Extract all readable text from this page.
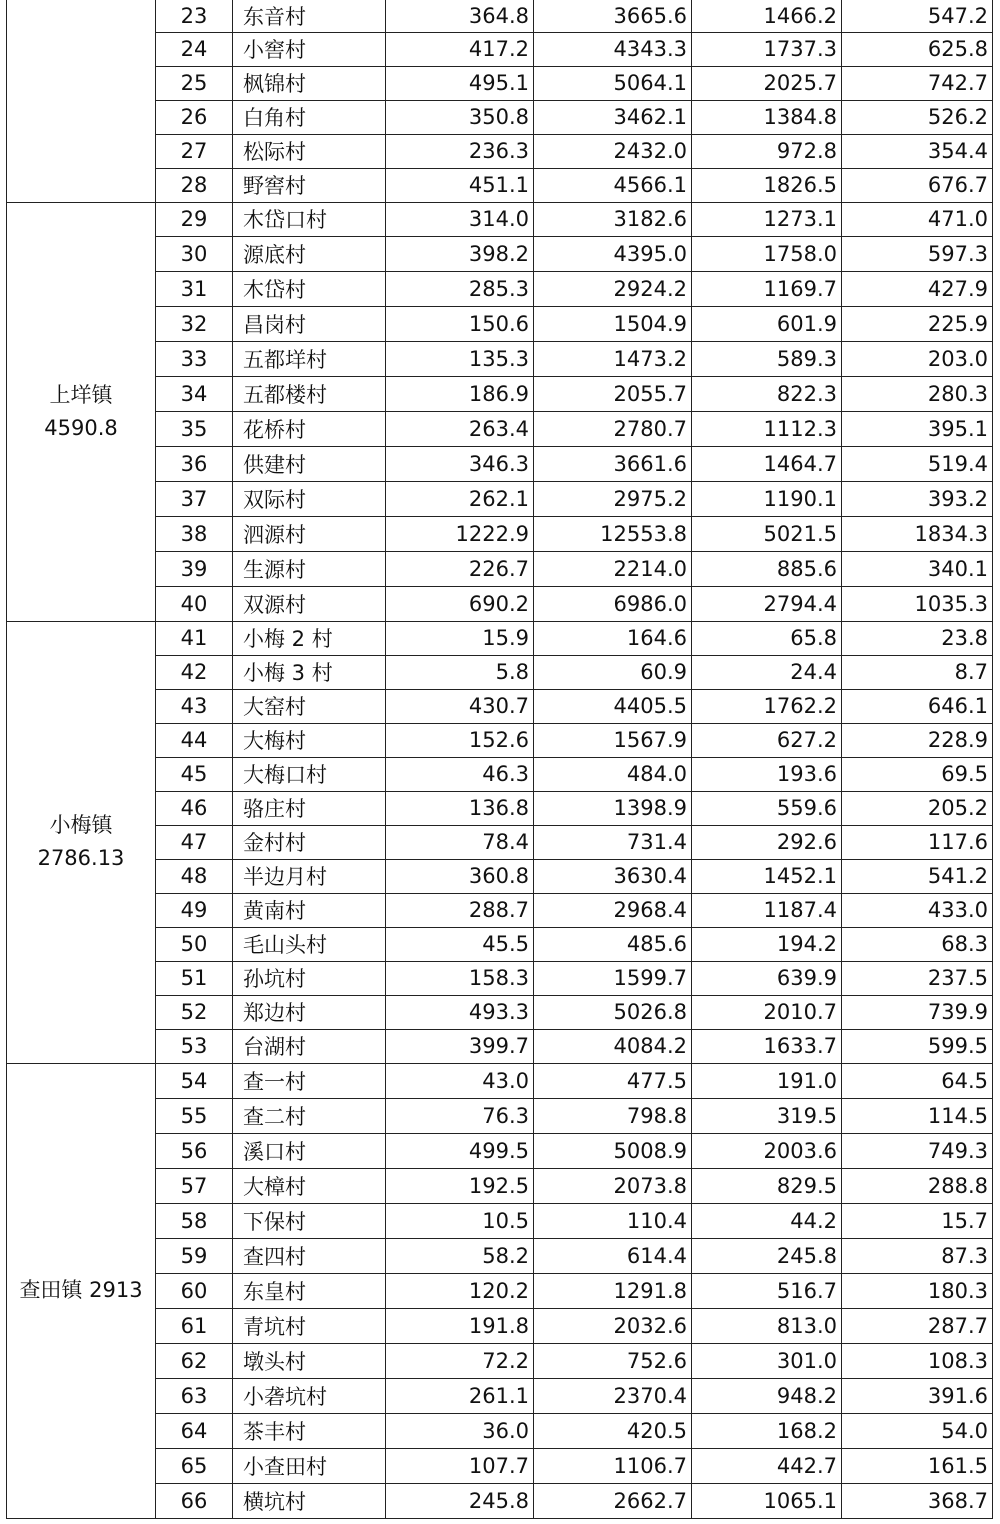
	23	东音村	364.8	3665.6	1466.2	547.2
	24	小窖村	417.2	4343.3	1737.3	625.8
	25	枫锦村	495.1	5064.1	2025.7	742.7
	26	白角村	350.8	3462.1	1384.8	526.2
	27	松际村	236.3	2432.0	972.8	354.4
	28	野窖村	451.1	4566.1	1826.5	676.7

上垟镇
4590.8	29	木岱口村	314.0	3182.6	1273.1	471.0
	30	源底村	398.2	4395.0	1758.0	597.3
	31	木岱村	285.3	2924.2	1169.7	427.9
	32	昌岗村	150.6	1504.9	601.9	225.9
	33	五都垟村	135.3	1473.2	589.3	203.0
	34	五都楼村	186.9	2055.7	822.3	280.3
	35	花桥村	263.4	2780.7	1112.3	395.1
	36	供建村	346.3	3661.6	1464.7	519.4
	37	双际村	262.1	2975.2	1190.1	393.2
	38	泗源村	1222.9	12553.8	5021.5	1834.3
	39	生源村	226.7	2214.0	885.6	340.1
	40	双源村	690.2	6986.0	2794.4	1035.3

小梅镇
2786.13	41	小梅 2 村	15.9	164.6	65.8	23.8
	42	小梅 3 村	5.8	60.9	24.4	8.7
	43	大窑村	430.7	4405.5	1762.2	646.1
	44	大梅村	152.6	1567.9	627.2	228.9
	45	大梅口村	46.3	484.0	193.6	69.5
	46	骆庄村	136.8	1398.9	559.6	205.2
	47	金村村	78.4	731.4	292.6	117.6
	48	半边月村	360.8	3630.4	1452.1	541.2
	49	黄南村	288.7	2968.4	1187.4	433.0
	50	毛山头村	45.5	485.6	194.2	68.3
	51	孙坑村	158.3	1599.7	639.9	237.5
	52	郑边村	493.3	5026.8	2010.7	739.9
	53	台湖村	399.7	4084.2	1633.7	599.5

查田镇 2913	54	查一村	43.0	477.5	191.0	64.5
	55	查二村	76.3	798.8	319.5	114.5
	56	溪口村	499.5	5008.9	2003.6	749.3
	57	大樟村	192.5	2073.8	829.5	288.8
	58	下保村	10.5	110.4	44.2	15.7
	59	查四村	58.2	614.4	245.8	87.3
	60	东皇村	120.2	1291.8	516.7	180.3
	61	青坑村	191.8	2032.6	813.0	287.7
	62	墩头村	72.2	752.6	301.0	108.3
	63	小砻坑村	261.1	2370.4	948.2	391.6
	64	茶丰村	36.0	420.5	168.2	54.0
	65	小查田村	107.7	1106.7	442.7	161.5
	66	横坑村	245.8	2662.7	1065.1	368.7
